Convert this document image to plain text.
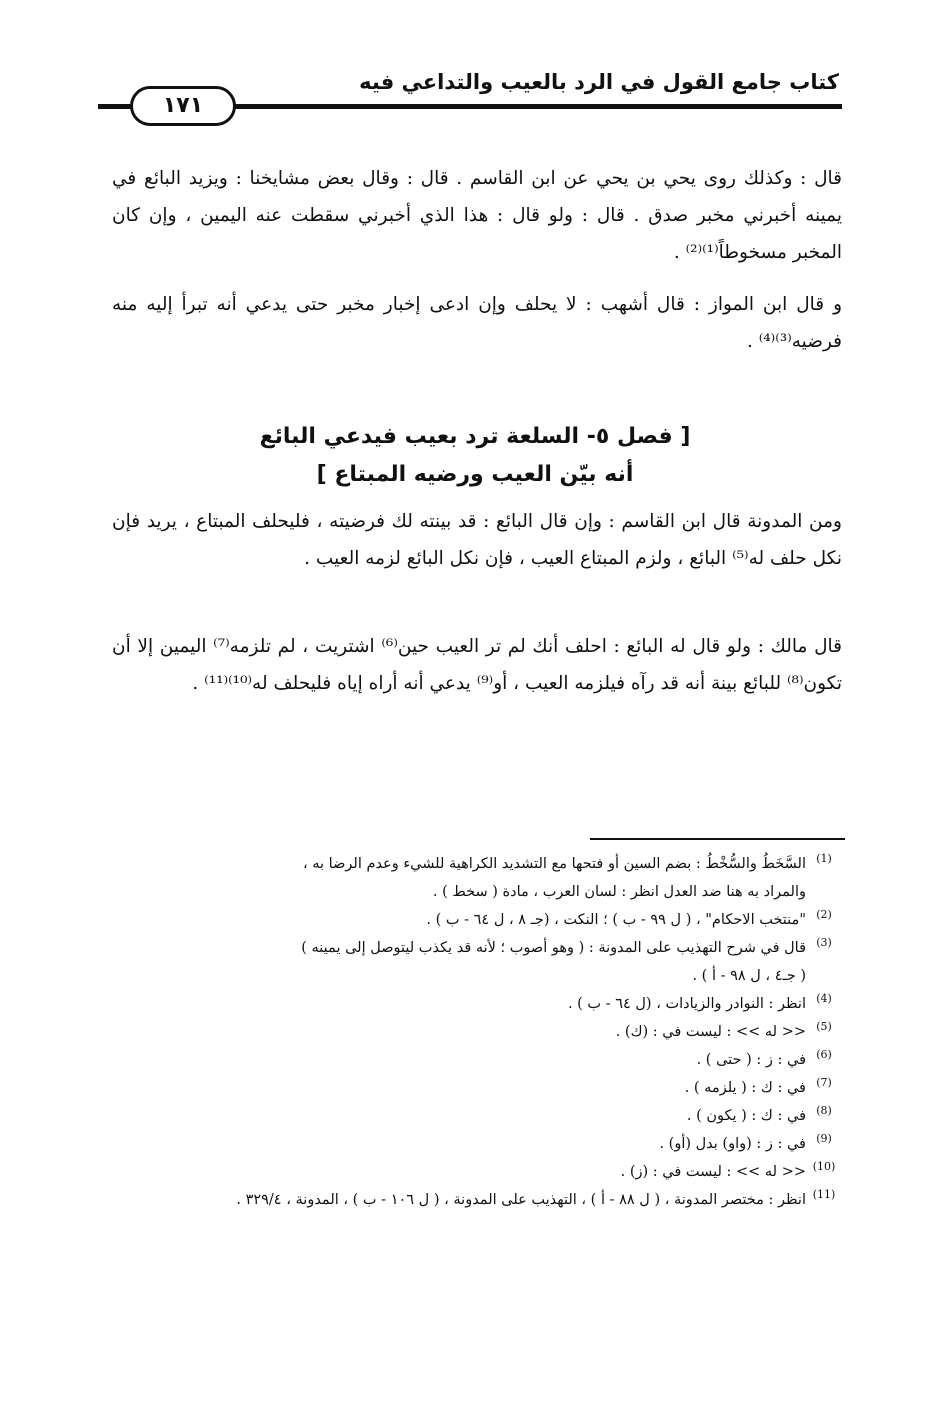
كتاب جامع القول في الرد بالعيب والتداعي فيه
١٧١
قال : وكذلك روى يحي بن يحي عن ابن القاسم . قال : وقال بعض مشايخنا : ويزيد البائع في يمينه أخبرني مخبر صدق . قال : ولو قال : هذا الذي أخبرني سقطت عنه اليمين ، وإن كان المخبر مسخوطاً⁽¹⁾⁽²⁾ .
و قال ابن المواز : قال أشهب : لا يحلف وإن ادعى إخبار مخبر حتى يدعي أنه تبرأ إليه منه فرضيه⁽³⁾⁽⁴⁾ .
[ فصل ٥- السلعة ترد بعيب فيدعي البائع
أنه بيّن العيب ورضيه المبتاع ]
ومن المدونة قال ابن القاسم : وإن قال البائع : قد بينته لك فرضيته ، فليحلف المبتاع ، يريد فإن نكل حلف له⁽⁵⁾ البائع ، ولزم المبتاع العيب ، فإن نكل البائع لزمه العيب .
قال مالك : ولو قال له البائع : احلف أنك لم تر العيب حين⁽⁶⁾ اشتريت ، لم تلزمه⁽⁷⁾ اليمين إلا أن تكون⁽⁸⁾ للبائع بينة أنه قد رآه فيلزمه العيب ، أو⁽⁹⁾ يدعي أنه أراه إياه فليحلف له⁽¹⁰⁾⁽¹¹⁾ .
(1)
السَّخَطُ والسُّخْطُ : بضم السين أو فتحها مع التشديد الكراهية للشيء وعدم الرضا به ،
والمراد به هنا ضد العدل انظر : لسان العرب ، مادة ( سخط ) .
(2)
"منتخب الاحكام" ، ( ل ٩٩ - ب ) ؛ النكت ، (جـ ٨ ، ل ٦٤ - ب ) .
(3)
قال في شرح التهذيب على المدونة : ( وهو أصوب ؛ لأنه قد يكذب ليتوصل إلى يمينه )
( جـ٤ ، ل ٩٨ - أ ) .
(4)
انظر : النوادر والزيادات ، (ل ٦٤ - ب ) .
(5)
<< له >> : ليست في : (ك) .
(6)
في : ز : ( حتى ) .
(7)
في : ك : ( يلزمه ) .
(8)
في : ك : ( يكون ) .
(9)
في : ز : (واو) بدل (أو) .
(10)
<< له >> : ليست في : (ز) .
(11)
انظر : مختصر المدونة ، ( ل ٨٨ - أ ) ، التهذيب على المدونة ، ( ل ١٠٦ - ب ) ، المدونة ، ٣٢٩/٤ .
